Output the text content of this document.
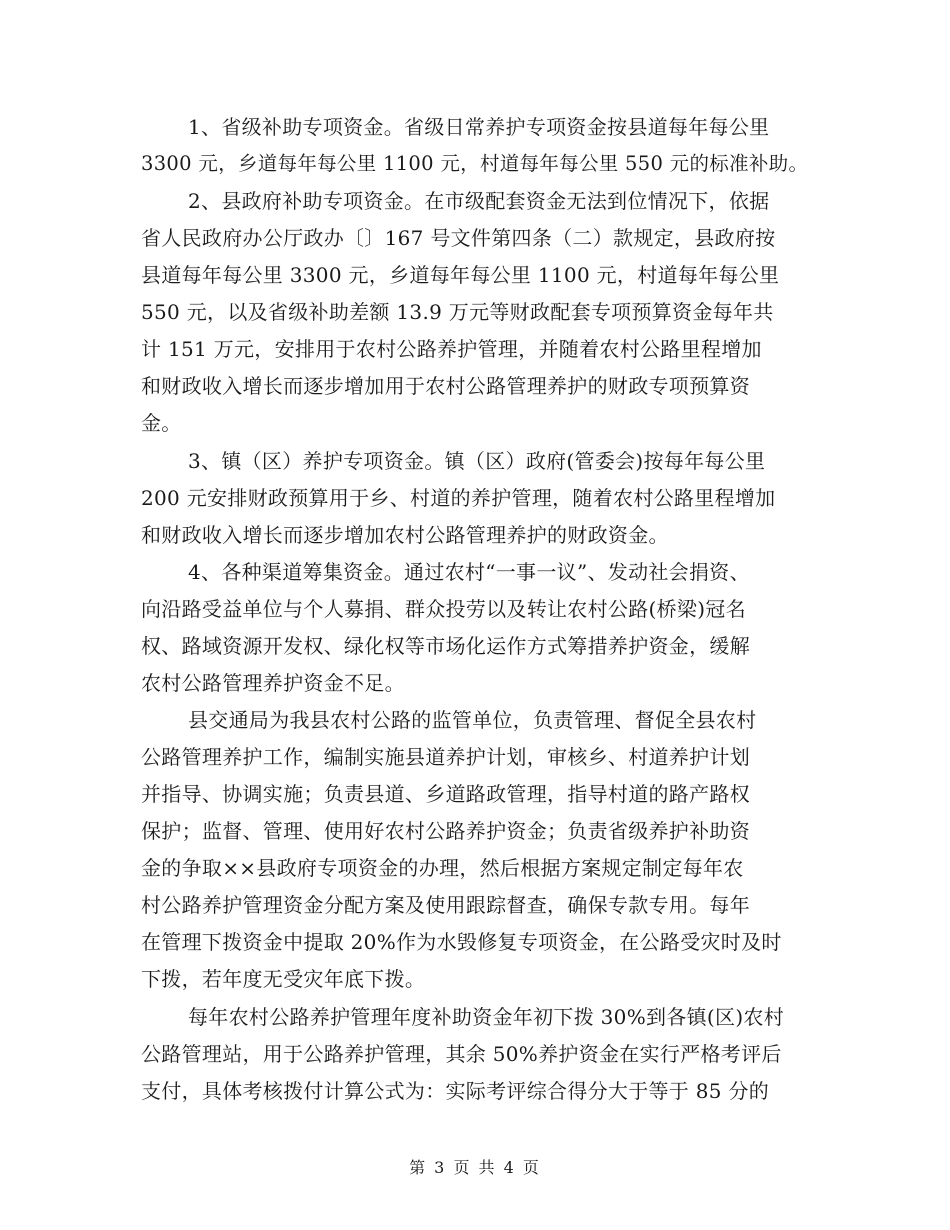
1、省级补助专项资金。省级日常养护专项资金按县道每年每公里
3300 元，乡道每年每公里 1100 元，村道每年每公里 550 元的标准补助。
2、县政府补助专项资金。在市级配套资金无法到位情况下，依据
省人民政府办公厅政办〔〕167 号文件第四条（二）款规定，县政府按
县道每年每公里 3300 元，乡道每年每公里 1100 元，村道每年每公里
550 元，以及省级补助差额 13.9 万元等财政配套专项预算资金每年共
计 151 万元，安排用于农村公路养护管理，并随着农村公路里程增加
和财政收入增长而逐步增加用于农村公路管理养护的财政专项预算资
金。
3、镇（区）养护专项资金。镇（区）政府(管委会)按每年每公里
200 元安排财政预算用于乡、村道的养护管理，随着农村公路里程增加
和财政收入增长而逐步增加农村公路管理养护的财政资金。
4、各种渠道筹集资金。通过农村“一事一议”、发动社会捐资、
向沿路受益单位与个人募捐、群众投劳以及转让农村公路(桥梁)冠名
权、路域资源开发权、绿化权等市场化运作方式筹措养护资金，缓解
农村公路管理养护资金不足。
县交通局为我县农村公路的监管单位，负责管理、督促全县农村
公路管理养护工作，编制实施县道养护计划，审核乡、村道养护计划
并指导、协调实施；负责县道、乡道路政管理，指导村道的路产路权
保护；监督、管理、使用好农村公路养护资金；负责省级养护补助资
金的争取××县政府专项资金的办理，然后根据方案规定制定每年农
村公路养护管理资金分配方案及使用跟踪督查，确保专款专用。每年
在管理下拨资金中提取 20%作为水毁修复专项资金，在公路受灾时及时
下拨，若年度无受灾年底下拨。
每年农村公路养护管理年度补助资金年初下拨 30%到各镇(区)农村
公路管理站，用于公路养护管理，其余 50%养护资金在实行严格考评后
支付，具体考核拨付计算公式为：实际考评综合得分大于等于 85 分的
第 3 页 共 4 页
